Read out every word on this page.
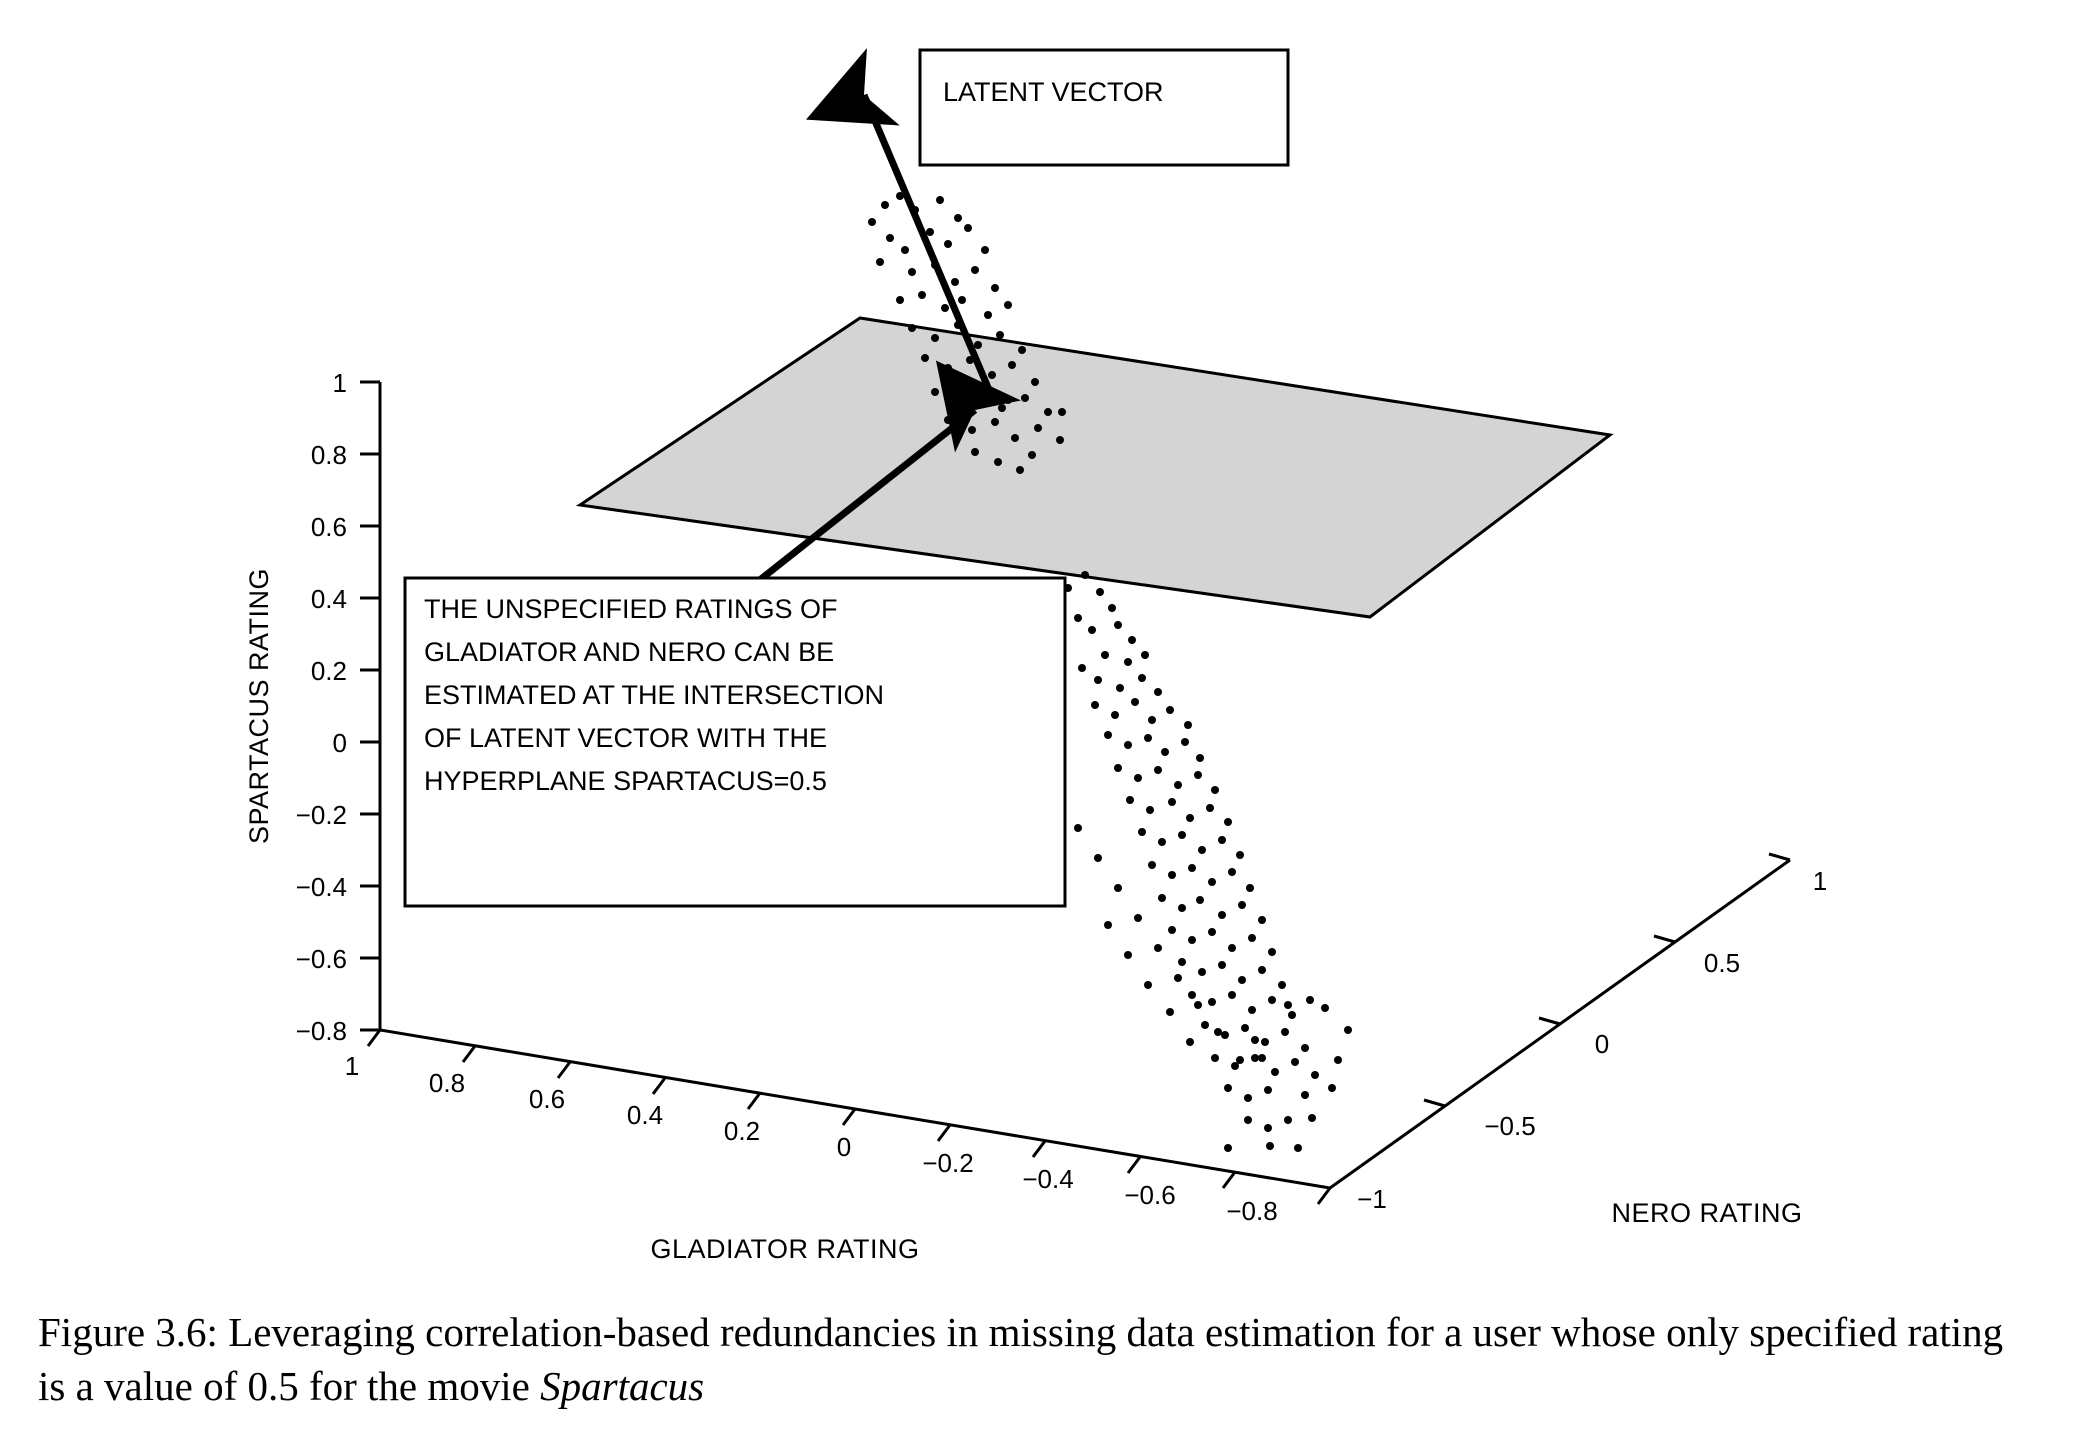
1
0.8
0.6
0.4
0.2
0
−0.2
−0.4
−0.6
−0.8
SPARTACUS RATING
1
0.8
0.6
0.4
0.2
0
−0.2
−0.4
−0.6
−0.8	−1
GLADIATOR RATING
−0.5
0
0.5
1
NERO RATING
LATENT VECTOR
THE UNSPECIFIED RATINGS OF
GLADIATOR AND NERO CAN BE
ESTIMATED AT THE INTERSECTION
OF LATENT VECTOR WITH THE
HYPERPLANE SPARTACUS=0.5
Figure 3.6: Leveraging correlation-based redundancies in missing data estimation for a user whose only specified rating is a value of 0.5 for the movie Spartacus
